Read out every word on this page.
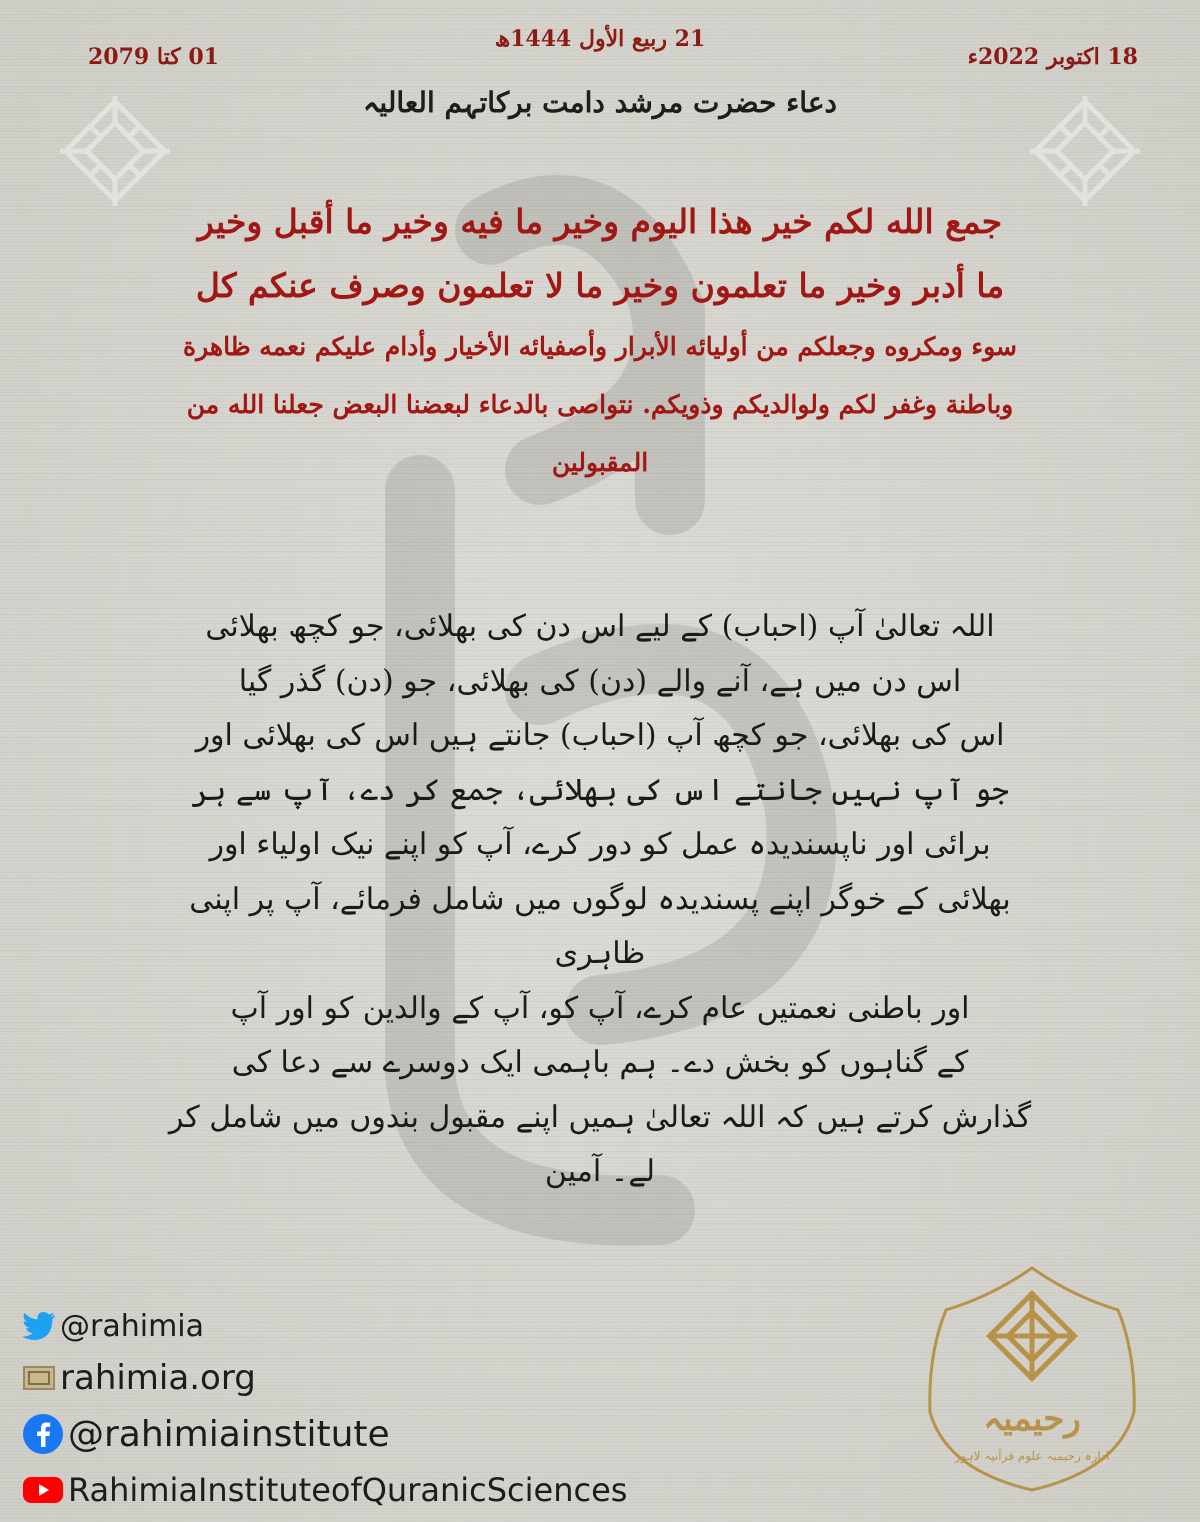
21 ربیع الأول 1444ھ
18 اکتوبر 2022ء
01 کتا 2079
دعاء حضرت مرشد دامت برکاتہم العالیہ
جمع الله لكم خير هذا اليوم وخير ما فيه وخير ما أقبل وخير
ما أدبر وخير ما تعلمون وخير ما لا تعلمون وصرف عنكم كل
سوء ومكروه وجعلكم من أوليائه الأبرار وأصفيائه الأخيار وأدام عليكم نعمه ظاهرة
وباطنة وغفر لكم ولوالديكم وذويكم. نتواصى بالدعاء لبعضنا البعض جعلنا الله من
المقبولين
اللہ تعالیٰ آپ (احباب) کے لیے اس دن کی بھلائی، جو کچھ بھلائی
اس دن میں ہے، آنے والے (دن) کی بھلائی، جو (دن) گذر گیا
اس کی بھلائی، جو کچھ آپ (احباب) جانتے ہیں اس کی بھلائی اور
جو آپ نہیں جانتے اس کی بھلائی، جمع کر دے، آپ سے ہر
برائی اور ناپسندیدہ عمل کو دور کرے، آپ کو اپنے نیک اولیاء اور
بھلائی کے خوگر اپنے پسندیدہ لوگوں میں شامل فرمائے، آپ پر اپنی ظاہری
اور باطنی نعمتیں عام کرے، آپ کو، آپ کے والدین کو اور آپ
کے گناہوں کو بخش دے۔ ہم باہمی ایک دوسرے سے دعا کی
گذارش کرتے ہیں کہ اللہ تعالیٰ ہمیں اپنے مقبول بندوں میں شامل کر
لے۔ آمین
@rahimia
rahimia.org
@rahimiainstitute
RahimiaInstituteofQuranicSciences
رحیمیہ
ادارہ رحیمیہ علوم قرآنیہ لاہور
